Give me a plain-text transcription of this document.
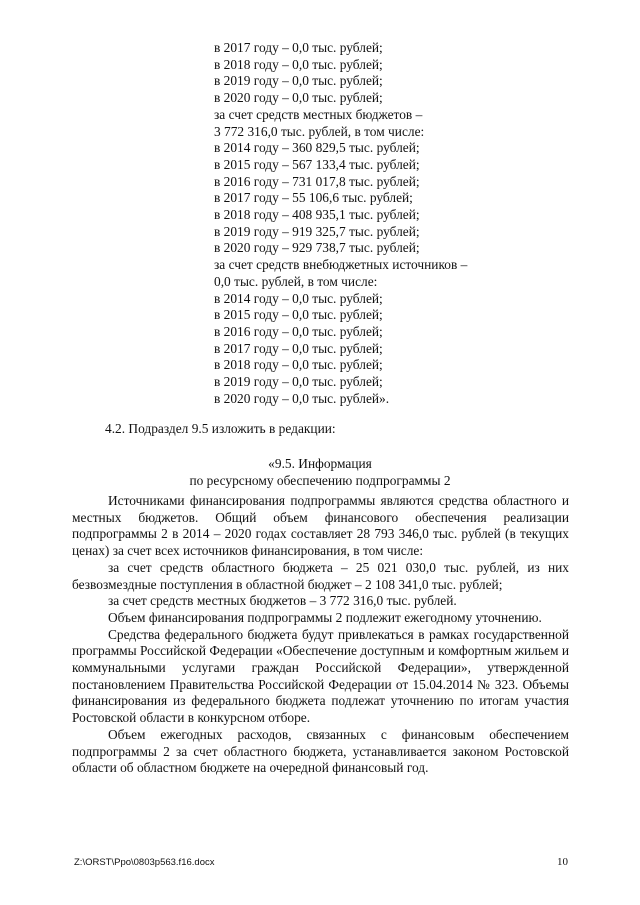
в 2017 году – 0,0 тыс. рублей;
в 2018 году – 0,0 тыс. рублей;
в 2019 году – 0,0 тыс. рублей;
в 2020 году – 0,0 тыс. рублей;
за счет средств местных бюджетов –
3 772 316,0 тыс. рублей, в том числе:
в 2014 году – 360 829,5 тыс. рублей;
в 2015 году – 567 133,4 тыс. рублей;
в 2016 году – 731 017,8 тыс. рублей;
в 2017 году – 55 106,6 тыс. рублей;
в 2018 году – 408 935,1 тыс. рублей;
в 2019 году – 919 325,7 тыс. рублей;
в 2020 году – 929 738,7 тыс. рублей;
за счет средств внебюджетных источников –
0,0 тыс. рублей, в том числе:
в 2014 году – 0,0 тыс. рублей;
в 2015 году – 0,0 тыс. рублей;
в 2016 году – 0,0 тыс. рублей;
в 2017 году – 0,0 тыс. рублей;
в 2018 году – 0,0 тыс. рублей;
в 2019 году – 0,0 тыс. рублей;
в 2020 году – 0,0 тыс. рублей».
4.2. Подраздел 9.5 изложить в редакции:
«9.5. Информация
по ресурсному обеспечению подпрограммы 2

Источниками финансирования подпрограммы являются средства областного и местных бюджетов. Общий объем финансового обеспечения реализации подпрограммы 2 в 2014 – 2020 годах составляет 28 793 346,0 тыс. рублей (в текущих ценах) за счет всех источников финансирования, в том числе:

за счет средств областного бюджета – 25 021 030,0 тыс. рублей, из них безвозмездные поступления в областной бюджет – 2 108 341,0 тыс. рублей;

за счет средств местных бюджетов – 3 772 316,0 тыс. рублей.

Объем финансирования подпрограммы 2 подлежит ежегодному уточнению.

Средства федерального бюджета будут привлекаться в рамках государственной программы Российской Федерации «Обеспечение доступным и комфортным жильем и коммунальными услугами граждан Российской Федерации», утвержденной постановлением Правительства Российской Федерации от 15.04.2014 № 323. Объемы финансирования из федерального бюджета подлежат уточнению по итогам участия Ростовской области в конкурсном отборе.

Объем ежегодных расходов, связанных с финансовым обеспечением подпрограммы 2 за счет областного бюджета, устанавливается законом Ростовской области об областном бюджете на очередной финансовый год.

Z:\ORST\Ppo\0803p563.f16.docx	10
